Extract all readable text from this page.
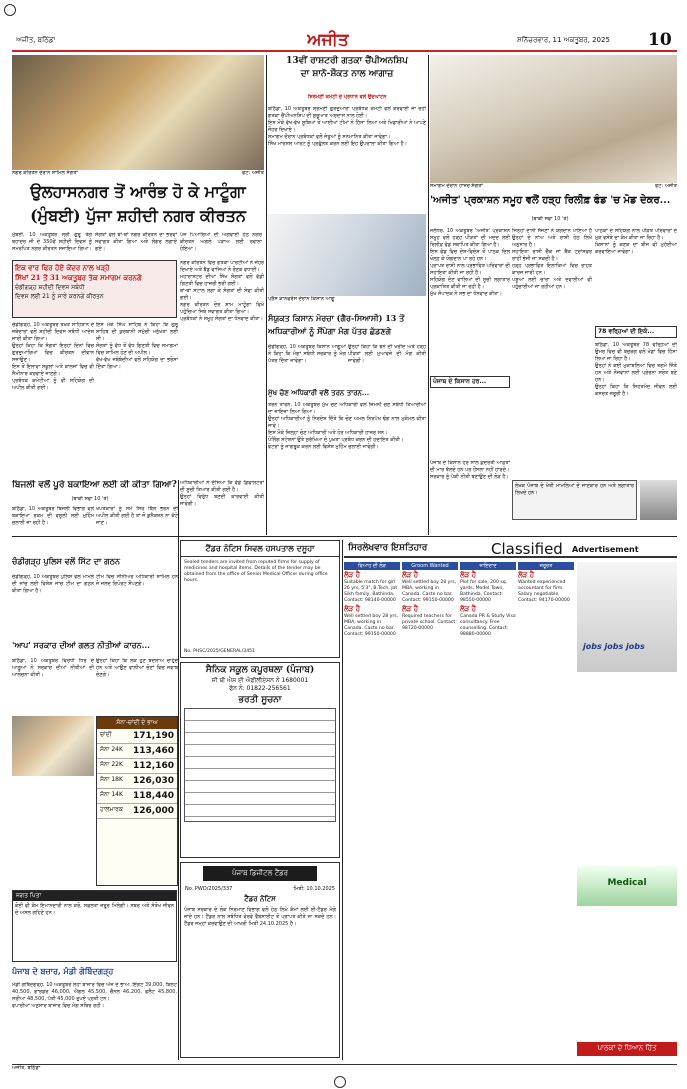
ਅਜੀਤ, ਬਠਿੰਡਾ	ਅਜੀਤ	ਸ਼ਨਿੱਚਰਵਾਰ, 11 ਅਕਤੂਬਰ, 2025 10
ਨਗਰ ਕੀਰਤਨ ਦੌਰਾਨ ਸ਼ਾਮਿਲ ਸੰਗਤਾਂ	ਫੋਟੋ: ਅਜੀਤ
ਉਲਹਾਸਨਗਰ ਤੋਂ ਆਰੰਭ ਹੋ ਕੇ ਮਾਟੂੰਗਾ
(ਮੁੰਬਈ) ਪੁੱਜਾ ਸ਼ਹੀਦੀ ਨਗਰ ਕੀਰਤਨ
13ਵੀਂ ਰਾਸ਼ਟਰੀ ਗਤਕਾ ਚੈਂਪੀਅਨਸ਼ਿਪ
ਦਾ ਸ਼ਾਨੋ-ਸ਼ੌਕਤ ਨਾਲ ਆਗਾਜ਼
ਸ਼ਿਰੋਮਣੀ ਕਮੇਟੀ ਦੇ ਪ੍ਰਧਾਨ ਵਲੋਂ ਉਦਘਾਟਨ
ਬਠਿੰਡਾ, 10 ਅਕਤੂਬਰ ਸ਼੍ਰੋਮਣੀ ਗੁਰਦੁਆਰਾ ਪ੍ਰਬੰਧਕ ਕਮੇਟੀ ਵਲੋਂ ਕਰਵਾਈ ਜਾ ਰਹੀ ਗਤਕਾ ਚੈਂਪੀਅਨਸ਼ਿਪ ਦੀ ਸ਼ੁਰੂਆਤ ਅਰਦਾਸ ਨਾਲ ਹੋਈ।
ਇਸ ਮੌਕੇ ਵੱਖ-ਵੱਖ ਸੂਬਿਆਂ ਤੋਂ ਆਈਆਂ ਟੀਮਾਂ ਨੇ ਹਿੱਸਾ ਲਿਆ ਅਤੇ ਖਿਡਾਰੀਆਂ ਨੇ ਆਪਣੇ ਜੌਹਰ ਦਿਖਾਏ।
ਸਮਾਗਮ ਦੌਰਾਨ ਪ੍ਰਬੰਧਕਾਂ ਵਲੋਂ ਜੇਤੂਆਂ ਨੂੰ ਸਨਮਾਨਿਤ ਕੀਤਾ ਜਾਵੇਗਾ।
ਸਿੱਖ ਮਾਰਸ਼ਲ ਆਰਟ ਨੂੰ ਪ੍ਰਫੁੱਲਤ ਕਰਨ ਲਈ ਇਹ ਉਪਰਾਲਾ ਕੀਤਾ ਗਿਆ ਹੈ।
ਸਮਾਗਮ ਦੌਰਾਨ ਹਾਜ਼ਰ ਸੰਗਤਾਂ	ਫੋਟੋ: ਅਜੀਤ
'ਅਜੀਤ' ਪ੍ਰਕਾਸ਼ਨ ਸਮੂਹ ਵਲੋਂ ਹੜ੍ਹ ਰਿਲੀਫ਼ ਫੰਡ 'ਚ ਮੋਡ ਦੇਕਰ...
(ਬਾਕੀ ਸਫਾ 10 'ਤੇ)
ਮੁੰਬਈ, 10 ਅਕਤੂਬਰ ਸ੍ਰੀ ਗੁਰੂ ਤੇਗ ਬਹਾਦਰ ਜੀ ਦੇ 350ਵੇਂ ਸ਼ਹੀਦੀ ਦਿਵਸ ਨੂੰ ਸਮਰਪਿਤ ਨਗਰ ਕੀਰਤਨ ਸਜਾਇਆ ਗਿਆ।
ਸੰਗਤਾਂ ਵਲੋਂ ਥਾਂ-ਥਾਂ ਨਗਰ ਕੀਰਤਨ ਦਾ ਭਰਵਾਂ ਸਵਾਗਤ ਕੀਤਾ ਗਿਆ ਅਤੇ ਲੰਗਰ ਲਗਾਏ ਗਏ।
ਪੰਜ ਪਿਆਰਿਆਂ ਦੀ ਅਗਵਾਈ ਹੇਠ ਨਗਰ ਕੀਰਤਨ ਅਗਲੇ ਪੜਾਅ ਲਈ ਰਵਾਨਾ ਹੋਇਆ।
ਇਕ ਵਾਰ ਫਿਰ ਹੋਏ ਕੇਂਦਰ ਨਾਲ ਖੜ੍ਹੇ
ਸਿੱਖਾਂ 21 ਤੋਂ 31 ਅਕਤੂਬਰ ਤੱਕ ਸਮਾਗਮ ਕਰਨਗੇ
ਚੰਡੀਗੜ੍ਹ ਸ਼ਹੀਦੀ ਦਿਵਸ ਸਬੰਧੀ
ਦਿਵਸ ਲਈ 21 ਨੂੰ ਸਾਰੇ ਕਰਨਗੇ ਕੀਰਤਨ
ਚੰਡੀਗੜ੍ਹ, 10 ਅਕਤੂਬਰ ਤਖ਼ਤ ਸਾਹਿਬਾਨ ਦੇ ਜਥੇਦਾਰਾਂ ਵਲੋਂ ਸ਼ਹੀਦੀ ਦਿਵਸ ਸਬੰਧੀ ਆਦੇਸ਼ ਜਾਰੀ ਕੀਤਾ ਗਿਆ।
ਉਨ੍ਹਾਂ ਕਿਹਾ ਕਿ ਸੰਗਤਾਂ ਇਨ੍ਹਾਂ ਦਿਨਾਂ ਵਿਚ ਗੁਰਦੁਆਰਿਆਂ ਵਿਚ ਕੀਰਤਨ ਦੀਵਾਨ ਸਜਾਉਣ।
ਇਸ ਤੋਂ ਇਲਾਵਾ ਸਕੂਲਾਂ ਅਤੇ ਕਾਲਜਾਂ ਵਿਚ ਵੀ ਸੈਮੀਨਾਰ ਕਰਵਾਏ ਜਾਣਗੇ।
ਪ੍ਰਬੰਧਕ ਕਮੇਟੀਆਂ ਨੂੰ ਵੀ ਸਹਿਯੋਗ ਦੀ ਅਪੀਲ ਕੀਤੀ ਗਈ।
ਇਸ ਮੌਕੇ ਸਿੰਘ ਸਾਹਿਬ ਨੇ ਕਿਹਾ ਕਿ ਗੁਰੂ ਸਾਹਿਬ ਦੀ ਕੁਰਬਾਨੀ ਸਮੁੱਚੀ ਮਨੁੱਖਤਾ ਲਈ ਸੀ।
ਸੰਗਤਾਂ ਨੂੰ ਵੱਧ ਤੋਂ ਵੱਧ ਗਿਣਤੀ ਵਿਚ ਸਮਾਗਮਾਂ ਵਿਚ ਸ਼ਾਮਿਲ ਹੋਣ ਦੀ ਅਪੀਲ।
ਵੱਖ-ਵੱਖ ਜਥੇਬੰਦੀਆਂ ਵਲੋਂ ਸਹਿਯੋਗ ਦਾ ਭਰੋਸਾ ਦਿੱਤਾ ਗਿਆ।
ਨਗਰ ਕੀਰਤਨ ਵਿਚ ਗਤਕਾ ਪਾਰਟੀਆਂ ਨੇ ਜੌਹਰ ਦਿਖਾਏ ਅਤੇ ਬੈਂਡ ਵਾਜਿਆਂ ਨੇ ਰੌਣਕ ਵਧਾਈ।
ਮਹਾਰਾਸ਼ਟਰ ਦੀਆਂ ਸਿੱਖ ਸੰਗਤਾਂ ਵਲੋਂ ਵੱਡੀ ਗਿਣਤੀ ਵਿਚ ਹਾਜ਼ਰੀ ਭਰੀ ਗਈ।
ਥਾਂ-ਥਾਂ ਸਟਾਲ ਲਗਾ ਕੇ ਸੰਗਤਾਂ ਦੀ ਸੇਵਾ ਕੀਤੀ ਗਈ।
ਨਗਰ ਕੀਰਤਨ ਦੇਰ ਸ਼ਾਮ ਮਾਟੂੰਗਾ ਵਿਖੇ ਪਹੁੰਚਿਆ ਜਿਥੇ ਸਵਾਗਤ ਕੀਤਾ ਗਿਆ।
ਪ੍ਰਬੰਧਕਾਂ ਨੇ ਸਮੂਹ ਸੰਗਤਾਂ ਦਾ ਧੰਨਵਾਦ ਕੀਤਾ।
ਪ੍ਰੈਸ ਕਾਨਫਰੰਸ ਦੌਰਾਨ ਕਿਸਾਨ ਆਗੂ
ਸੰਯੁਕਤ ਕਿਸਾਨ ਮੋਰਚਾ (ਗੈਰ-ਸਿਆਸੀ) 13 ਤੋਂ
ਅਧਿਕਾਰੀਆਂ ਨੂੰ ਸੌਂਪੇਗਾ ਮੰਗ ਪੱਤਰ ਛੱਡਣਗੇ
ਚੰਡੀਗੜ੍ਹ, 10 ਅਕਤੂਬਰ ਕਿਸਾਨ ਆਗੂਆਂ ਨੇ ਕਿਹਾ ਕਿ ਮੰਗਾਂ ਸਬੰਧੀ ਸਰਕਾਰ ਨੂੰ ਮੰਗ ਪੱਤਰ ਦਿੱਤਾ ਜਾਵੇਗਾ।
ਉਨ੍ਹਾਂ ਕਿਹਾ ਕਿ ਝੋਨੇ ਦੀ ਖਰੀਦ ਅਤੇ ਹੜ੍ਹ ਪੀੜਤਾਂ ਲਈ ਮੁਆਵਜ਼ੇ ਦੀ ਮੰਗ ਕੀਤੀ ਜਾਵੇਗੀ।
ਮੁੱਖ ਚੋਣ ਅਧਿਕਾਰੀ ਵਲੋਂ ਤਰਨ ਤਾਰਨ...
ਤਰਨ ਤਾਰਨ, 10 ਅਕਤੂਬਰ ਮੁੱਖ ਚੋਣ ਅਧਿਕਾਰੀ ਵਲੋਂ ਜ਼ਿਮਨੀ ਚੋਣ ਸਬੰਧੀ ਤਿਆਰੀਆਂ ਦਾ ਜਾਇਜ਼ਾ ਲਿਆ ਗਿਆ।
ਉਨ੍ਹਾਂ ਅਧਿਕਾਰੀਆਂ ਨੂੰ ਨਿਰਦੇਸ਼ ਦਿੱਤੇ ਕਿ ਚੋਣ ਅਮਲ ਨਿਰਪੱਖ ਢੰਗ ਨਾਲ ਮੁਕੰਮਲ ਕੀਤਾ ਜਾਵੇ।
ਇਸ ਮੌਕੇ ਜ਼ਿਲ੍ਹਾ ਚੋਣ ਅਧਿਕਾਰੀ ਅਤੇ ਹੋਰ ਅਧਿਕਾਰੀ ਹਾਜ਼ਰ ਸਨ।
ਪੋਲਿੰਗ ਸਟੇਸ਼ਨਾਂ ਉਤੇ ਸੁਰੱਖਿਆ ਦੇ ਪੁਖ਼ਤਾ ਪ੍ਰਬੰਧ ਕਰਨ ਦੀ ਹਦਾਇਤ ਕੀਤੀ।
ਵੋਟਰਾਂ ਨੂੰ ਜਾਗਰੂਕ ਕਰਨ ਲਈ ਵਿਸ਼ੇਸ਼ ਮੁਹਿੰਮ ਚਲਾਈ ਜਾਵੇਗੀ।
ਜਲੰਧਰ, 10 ਅਕਤੂਬਰ 'ਅਜੀਤ' ਪ੍ਰਕਾਸ਼ਨ ਸਮੂਹ ਵਲੋਂ ਹੜ੍ਹ ਪੀੜਤਾਂ ਦੀ ਮਦਦ ਲਈ ਰਿਲੀਫ਼ ਫੰਡ ਸਥਾਪਿਤ ਕੀਤਾ ਗਿਆ ਹੈ।
ਇਸ ਫੰਡ ਵਿਚ ਦੇਸ਼-ਵਿਦੇਸ਼ ਤੋਂ ਪਾਠਕ ਦਿਲ ਖੋਲ੍ਹ ਕੇ ਯੋਗਦਾਨ ਪਾ ਰਹੇ ਹਨ।
ਪ੍ਰਾਪਤ ਰਾਸ਼ੀ ਨਾਲ ਪ੍ਰਭਾਵਿਤ ਪਰਿਵਾਰਾਂ ਦੀ ਸਹਾਇਤਾ ਕੀਤੀ ਜਾ ਰਹੀ ਹੈ।
ਸਹਿਯੋਗ ਦੇਣ ਵਾਲਿਆਂ ਦੀ ਸੂਚੀ ਲਗਾਤਾਰ ਪ੍ਰਕਾਸ਼ਿਤ ਕੀਤੀ ਜਾ ਰਹੀ ਹੈ।
ਮੁੱਖ ਸੰਪਾਦਕ ਨੇ ਸਭ ਦਾ ਧੰਨਵਾਦ ਕੀਤਾ।
ਜਿਨ੍ਹਾਂ ਦਾਨੀ ਸੱਜਣਾਂ ਨੇ ਯੋਗਦਾਨ ਪਾਇਆ ਹੈ ਉਨ੍ਹਾਂ ਦੇ ਨਾਂਅ ਅਤੇ ਰਾਸ਼ੀ ਹੇਠ ਲਿਖੇ ਅਨੁਸਾਰ ਹੈ।
ਸਹਾਇਤਾ ਰਾਸ਼ੀ ਚੈੱਕ ਜਾਂ ਬੈਂਕ ਟ੍ਰਾਂਸਫਰ ਰਾਹੀਂ ਭੇਜੀ ਜਾ ਸਕਦੀ ਹੈ।
ਹੜ੍ਹ ਪ੍ਰਭਾਵਿਤ ਇਲਾਕਿਆਂ ਵਿਚ ਰਾਹਤ ਕਾਰਜ ਜਾਰੀ ਹਨ।
ਪਸ਼ੂਆਂ ਲਈ ਚਾਰਾ ਅਤੇ ਦਵਾਈਆਂ ਵੀ ਪਹੁੰਚਾਈਆਂ ਜਾ ਰਹੀਆਂ ਹਨ।
ਪਾਠਕਾਂ ਦੇ ਸਹਿਯੋਗ ਨਾਲ ਪੀੜਤ ਪਰਿਵਾਰਾਂ ਦੇ ਮੁੜ ਵਸੇਬੇ ਦਾ ਕੰਮ ਕੀਤਾ ਜਾ ਰਿਹਾ ਹੈ।
ਕਿਸਾਨਾਂ ਨੂੰ ਕਣਕ ਦਾ ਬੀਜ ਵੀ ਮੁਹੱਈਆ ਕਰਵਾਇਆ ਜਾਵੇਗਾ।
78 ਵਰ੍ਹਿਆਂ ਦੀ ਇਕੋ...
ਬਠਿੰਡਾ, 10 ਅਕਤੂਬਰ 78 ਵਰ੍ਹਿਆਂ ਦੀ ਉਮਰ ਵਿਚ ਵੀ ਬਜ਼ੁਰਗ ਵਲੋਂ ਖੇਡਾਂ ਵਿਚ ਹਿੱਸਾ ਲਿਆ ਜਾ ਰਿਹਾ ਹੈ।
ਉਨ੍ਹਾਂ ਨੇ ਕਈ ਮੁਕਾਬਲਿਆਂ ਵਿਚ ਤਗਮੇ ਜਿੱਤੇ ਹਨ ਅਤੇ ਨੌਜਵਾਨਾਂ ਲਈ ਪ੍ਰੇਰਨਾ ਸਰੋਤ ਬਣੇ ਹਨ।
ਉਨ੍ਹਾਂ ਕਿਹਾ ਕਿ ਸਿਹਤਮੰਦ ਜੀਵਨ ਲਈ ਕਸਰਤ ਜ਼ਰੂਰੀ ਹੈ।
ਪੰਜਾਬ ਦੇ ਕਿਸਾਨ ਹਰ...
ਪੰਜਾਬ ਦੇ ਕਿਸਾਨ ਹਰ ਸਾਲ ਕੁਦਰਤੀ ਆਫ਼ਤਾਂ ਦੀ ਮਾਰ ਝੱਲਦੇ ਹਨ ਪਰ ਹੌਸਲਾ ਨਹੀਂ ਹਾਰਦੇ।
ਸਰਕਾਰ ਨੂੰ ਪੱਕੀ ਨੀਤੀ ਬਣਾਉਣ ਦੀ ਲੋੜ ਹੈ।
ਲੇਖਕ ਪੰਜਾਬ ਦੇ ਖੇਤੀ ਮਾਮਲਿਆਂ ਦੇ ਜਾਣਕਾਰ ਹਨ ਅਤੇ ਲਗਾਤਾਰ ਲਿਖਦੇ ਹਨ।
ਬਿਜਲੀ ਵਲੋਂ ਪੂਰੇ ਬਕਾਇਆ ਲਈ ਕੀ ਕੀਤਾ ਗਿਆ?
(ਬਾਕੀ ਸਫਾ 10 'ਤੇ)
ਬਠਿੰਡਾ, 10 ਅਕਤੂਬਰ ਬਿਜਲੀ ਵਿਭਾਗ ਵਲੋਂ ਬਕਾਇਆ ਰਕਮ ਦੀ ਵਸੂਲੀ ਲਈ ਮੁਹਿੰਮ ਚਲਾਈ ਜਾ ਰਹੀ ਹੈ।
ਖਪਤਕਾਰਾਂ ਨੂੰ ਸਮੇਂ ਸਿਰ ਬਿੱਲ ਭਰਨ ਦੀ ਅਪੀਲ ਕੀਤੀ ਗਈ ਹੈ ਤਾਂ ਜੋ ਕੁਨੈਕਸ਼ਨ ਨਾ ਕੱਟੇ ਜਾਣ।
ਅਧਿਕਾਰੀਆਂ ਨੇ ਦੱਸਿਆ ਕਿ ਵੱਡੇ ਡਿਫਾਲਟਰਾਂ ਦੀ ਸੂਚੀ ਤਿਆਰ ਕੀਤੀ ਗਈ ਹੈ।
ਉਨ੍ਹਾਂ ਵਿਰੁੱਧ ਬਣਦੀ ਕਾਰਵਾਈ ਕੀਤੀ ਜਾਵੇਗੀ।
ਚੰਡੀਗੜ੍ਹ ਪੁਲਿਸ ਵਲੋਂ ਸਿੱਟ ਦਾ ਗਠਨ
ਚੰਡੀਗੜ੍ਹ, 10 ਅਕਤੂਬਰ ਪੁਲਿਸ ਵਲੋਂ ਮਾਮਲੇ ਦੀ ਜਾਂਚ ਲਈ ਵਿਸ਼ੇਸ਼ ਜਾਂਚ ਟੀਮ ਦਾ ਗਠਨ ਕੀਤਾ ਗਿਆ ਹੈ।
ਟੀਮ ਵਿਚ ਸੀਨੀਅਰ ਅਧਿਕਾਰੀ ਸ਼ਾਮਿਲ ਹਨ ਜੋ ਜਲਦ ਰਿਪੋਰਟ ਸੌਂਪਣਗੇ।
'ਆਪ' ਸਰਕਾਰ ਦੀਆਂ ਗਲਤ ਨੀਤੀਆਂ ਕਾਰਨ...
ਬਠਿੰਡਾ, 10 ਅਕਤੂਬਰ ਵਿਰੋਧੀ ਧਿਰ ਦੇ ਆਗੂਆਂ ਨੇ ਸਰਕਾਰ ਦੀਆਂ ਨੀਤੀਆਂ ਦੀ ਆਲੋਚਨਾ ਕੀਤੀ।
ਉਨ੍ਹਾਂ ਕਿਹਾ ਕਿ ਲੋਕ ਹੁਣ ਬਦਲਾਅ ਚਾਹੁੰਦੇ ਹਨ ਅਤੇ ਆਉਣ ਵਾਲੀਆਂ ਚੋਣਾਂ ਵਿਚ ਜਵਾਬ ਦੇਣਗੇ।
ਸੋਨਾ-ਚਾਂਦੀ ਦੇ ਭਾਅ
ਚਾਂਦੀ 171,190
ਸੋਨਾ 24K 113,460
ਸੋਨਾ 22K 112,160
ਸੋਨਾ 18K 126,030
ਸੋਨਾ 14K 118,440
ਹਾਲਮਾਰਕ 126,000
ਜਗਤ ਪਿਤਾ
ਕੋਈ ਵੀ ਕੰਮ ਇਮਾਨਦਾਰੀ ਨਾਲ ਕਰੋ, ਸਫਲਤਾ ਜ਼ਰੂਰ ਮਿਲੇਗੀ। ਸਬਰ ਅਤੇ ਸੰਤੋਖ ਜੀਵਨ ਦੇ ਅਸਲ ਗਹਿਣੇ ਹਨ।
ਪੰਜਾਬ ਦੇ ਬਜ਼ਾਰ, ਮੰਡੀ ਗੋਬਿੰਦਗੜ੍ਹ
ਮੰਡੀ ਗੋਬਿੰਦਗੜ੍ਹ, 10 ਅਕਤੂਬਰ ਲੋਹਾ ਬਾਜ਼ਾਰ ਵਿਚ ਅੱਜ ਦੇ ਭਾਅ: ਇੰਗਟ 39,000, ਬਿਲਟ 40,500, ਗਾਰਡਰ 46,000, ਐਂਗਲ 45,500, ਚੈਨਲ 46,200, ਫਲੈਟ 45,800, ਸਰੀਆ 48,500, ਪੱਤੀ 45,000 ਰੁਪਏ ਪ੍ਰਤੀ ਟਨ।
ਵਪਾਰੀਆਂ ਅਨੁਸਾਰ ਬਾਜ਼ਾਰ ਵਿਚ ਮੰਗ ਸਥਿਰ ਰਹੀ।
ਟੈਂਡਰ ਨੋਟਿਸ ਸਿਵਲ ਹਸਪਤਾਲ ਦਸੂਹਾ
Sealed tenders are invited from reputed firms for supply of medicines and hospital items. Details of the tender may be obtained from the office of Senior Medical Officer during office hours.
No. PHSC/2025/GENERAL/3451
ਸੈਨਿਕ ਸਕੂਲ ਕਪੂਰਥਲਾ (ਪੰਜਾਬ)
ਸੀ ਬੀ ਐਸ ਈ ਐਫੀਲੀਏਸ਼ਨ ਨੰ 1680001
ਫੋਨ ਨੰ: 01822-256561
ਭਰਤੀ ਸੂਚਨਾ
ਪੰਜਾਬ ਡਿਜੀਟਲ ਟੈਂਡਰ
No. PWD/2025/337	ਮਿਤੀ: 10.10.2025
ਟੈਂਡਰ ਨੋਟਿਸ
ਪੰਜਾਬ ਸਰਕਾਰ ਦੇ ਲੋਕ ਨਿਰਮਾਣ ਵਿਭਾਗ ਵਲੋਂ ਹੇਠ ਲਿਖੇ ਕੰਮਾਂ ਲਈ ਈ-ਟੈਂਡਰ ਮੰਗੇ ਜਾਂਦੇ ਹਨ। ਟੈਂਡਰ ਨਾਲ ਸਬੰਧਿਤ ਵੇਰਵੇ ਵੈੱਬਸਾਈਟ ਤੋਂ ਪ੍ਰਾਪਤ ਕੀਤੇ ਜਾ ਸਕਦੇ ਹਨ। ਟੈਂਡਰ ਜਮ੍ਹਾਂ ਕਰਵਾਉਣ ਦੀ ਆਖਰੀ ਮਿਤੀ 24.10.2025 ਹੈ।
ਸਿਰਲੇਖਵਾਰ ਇਸ਼ਤਿਹਾਰ	Classified Advertisement
ਵਿਆਹ ਦੀ ਲੋੜ
ਲੋੜ ਹੈ
Suitable match for girl 26 yrs, 5'3", B.Tech, Jat Sikh family, Bathinda. Contact: 98140-00000
ਲੋੜ ਹੈ
Well settled boy 28 yrs, MBA, working in Canada. Caste no bar. Contact: 99150-00000
Groom Wanted
ਲੋੜ ਹੈ
Well settled boy 28 yrs, MBA, working in Canada. Caste no bar. Contact: 99150-00000
ਲੋੜ ਹੈ
Required teachers for private school. Contact: 98720-00000
ਜਾਇਦਾਦ
ਲੋੜ ਹੈ
Plot for sale, 200 sq. yards, Model Town, Bathinda. Contact: 98550-00000
ਲੋੜ ਹੈ
Canada PR & Study Visa consultancy. Free counselling. Contact: 98880-00000
ਜ਼ਰੂਰਤ
ਲੋੜ ਹੈ
Wanted experienced accountant for firm. Salary negotiable. Contact: 94170-00000
jobs jobs jobs
Medical
ਪਾਠਕਾਂ ਦੇ ਧਿਆਨ ਹਿੱਤ
ਅਜੀਤ, ਬਠਿੰਡਾ
